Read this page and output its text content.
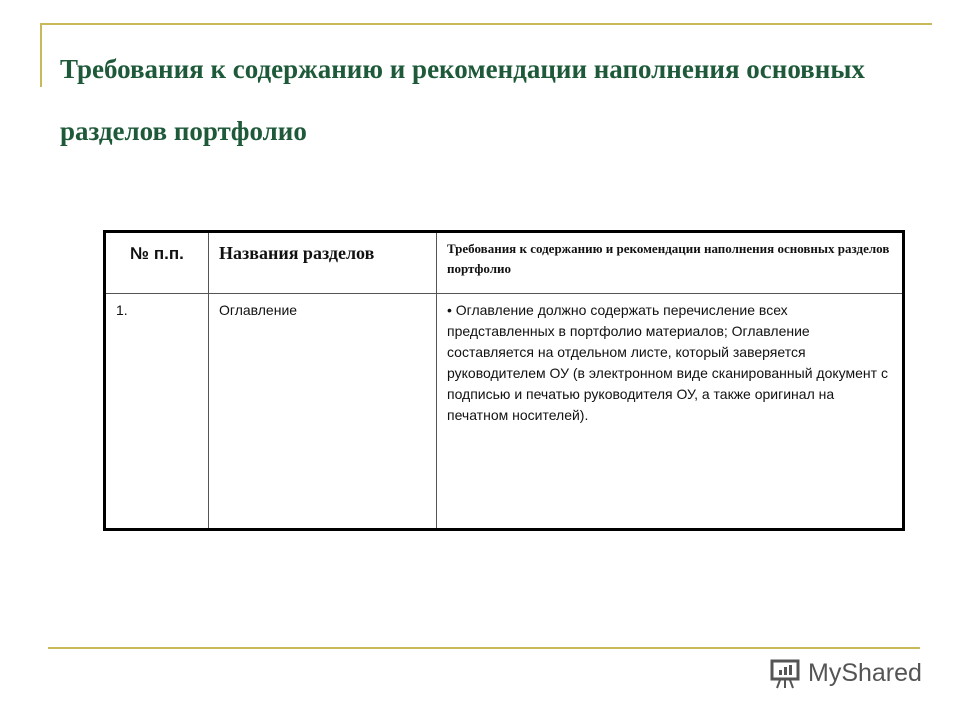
Требования к содержанию и рекомендации наполнения основных разделов портфолио
№ п.п.	Названия разделов	Требования к содержанию и рекомендации наполнения основных разделов портфолио
1.	Оглавление	• Оглавление должно содержать перечисление всех представленных в портфолио материалов; Оглавление составляется на отдельном листе, который заверяется руководителем ОУ (в электронном виде сканированный документ с подписью и печатью руководителя ОУ, а также оригинал на печатном носителей).
MyShared
